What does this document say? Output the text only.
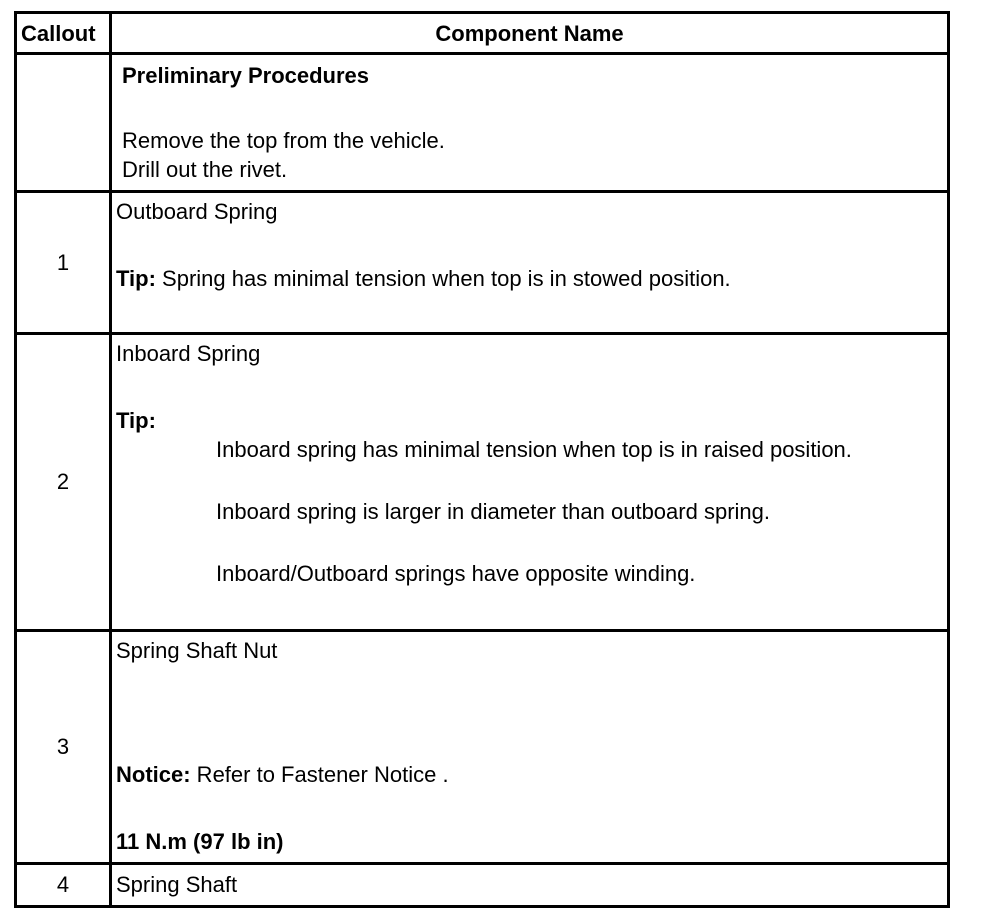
Callout	Component Name

	Preliminary Procedures
Remove the top from the vehicle.
Drill out the rivet.

1	Outboard Spring
Tip: Spring has minimal tension when top is in stowed position.

2	Inboard Spring
Tip:
Inboard spring has minimal tension when top is in raised position.
Inboard spring is larger in diameter than outboard spring.
Inboard/Outboard springs have opposite winding.

3	Spring Shaft Nut
Notice: Refer to Fastener Notice .
11 N.m (97 lb in)

4	Spring Shaft
